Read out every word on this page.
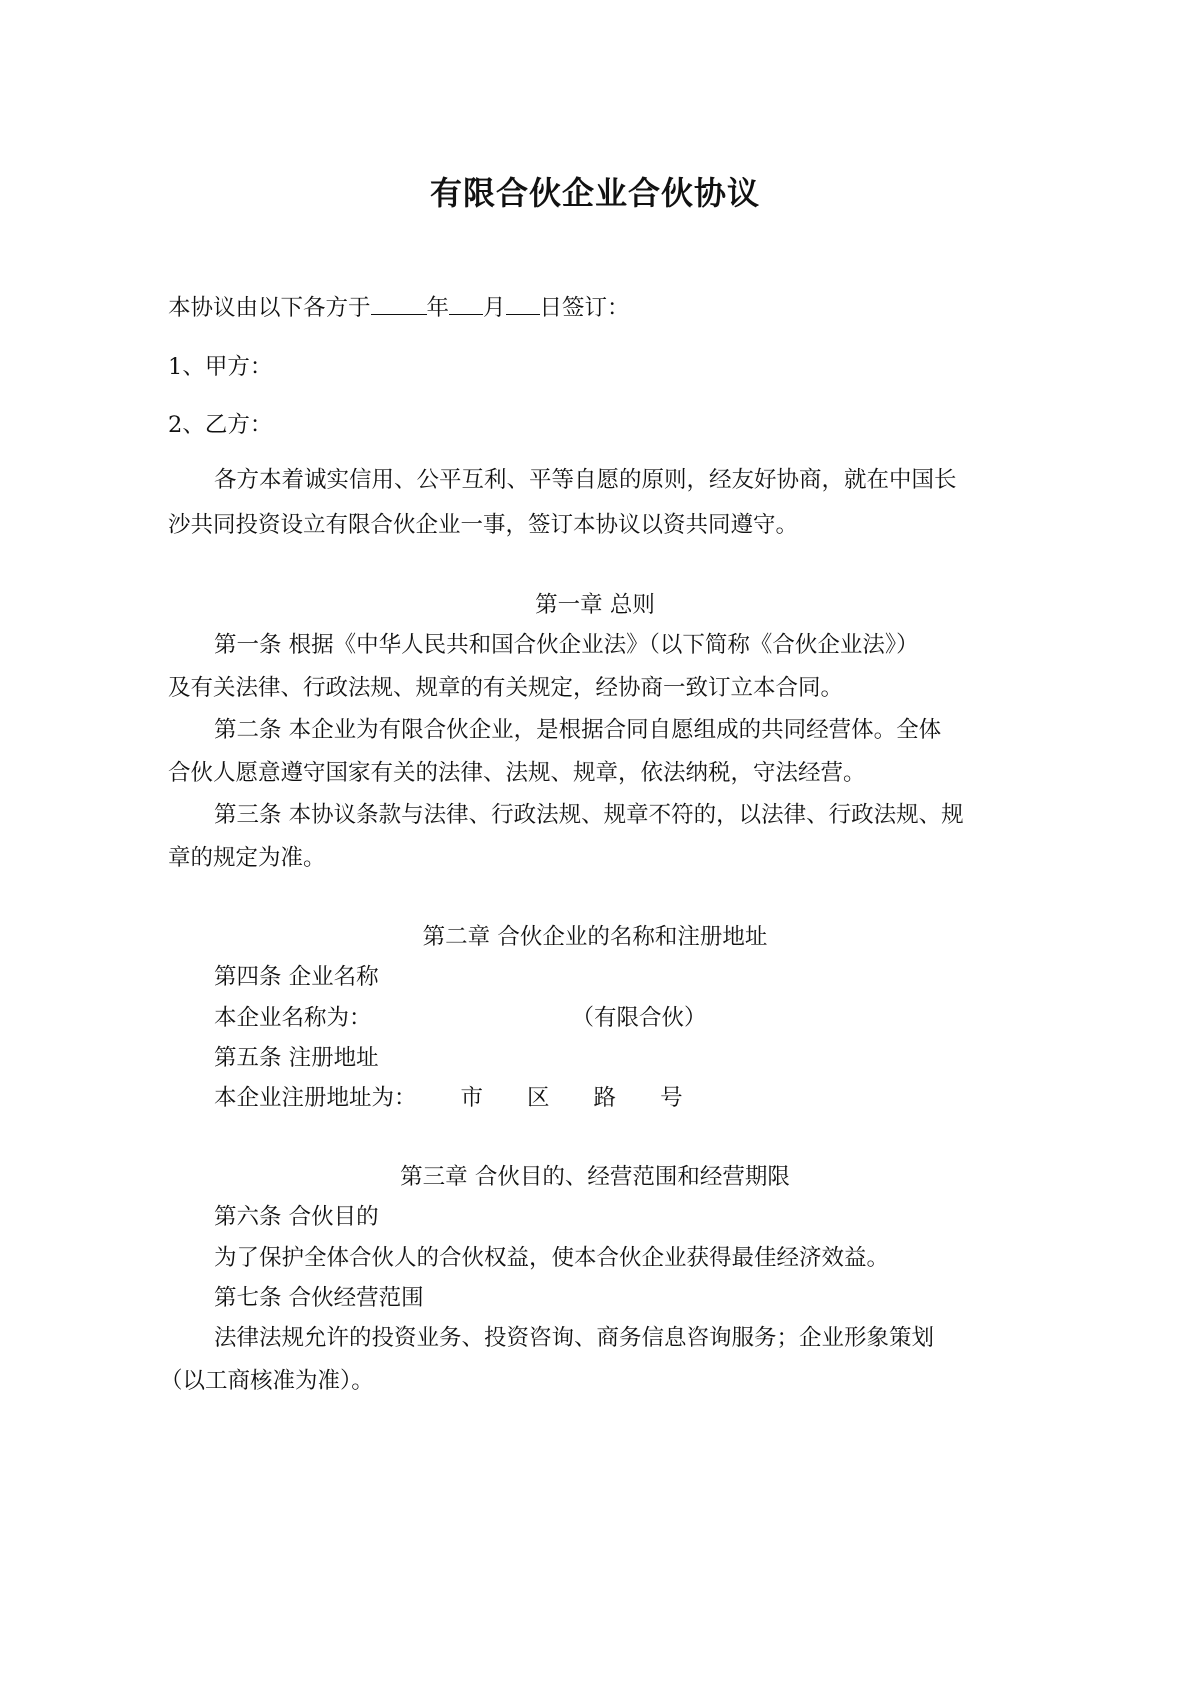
有限合伙企业合伙协议
本协议由以下各方于 年 月 日签订：
1、甲方：
2、乙方：
各方本着诚实信用、公平互利、平等自愿的原则，经友好协商，就在中国长
沙共同投资设立有限合伙企业一事，签订本协议以资共同遵守。
第一章 总则
第一条 根据《中华人民共和国合伙企业法》（以下简称《合伙企业法》）
及有关法律、行政法规、规章的有关规定，经协商一致订立本合同。
第二条 本企业为有限合伙企业，是根据合同自愿组成的共同经营体。全体
合伙人愿意遵守国家有关的法律、法规、规章，依法纳税，守法经营。
第三条 本协议条款与法律、行政法规、规章不符的，以法律、行政法规、规
章的规定为准。
第二章 合伙企业的名称和注册地址
第四条 企业名称
本企业名称为：	（有限合伙）
第五条 注册地址
本企业注册地址为： 市 区 路 号
第三章 合伙目的、经营范围和经营期限
第六条 合伙目的
为了保护全体合伙人的合伙权益，使本合伙企业获得最佳经济效益。
第七条 合伙经营范围
法律法规允许的投资业务、投资咨询、商务信息咨询服务；企业形象策划
（以工商核准为准）。
